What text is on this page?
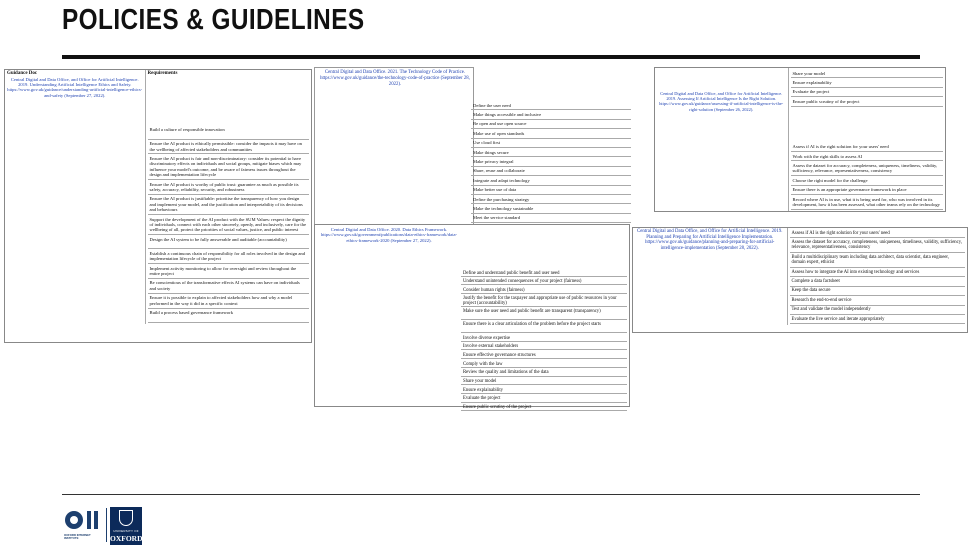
POLICIES & GUIDELINES
Guidance Doc
Central Digital and Data Office, and Office for Artificial Intelligence. 2019. Understanding Artificial Intelligence Ethics and Safety. https://www.gov.uk/guidance/understanding-artificial-intelligence-ethics-and-safety (September 27, 2022).

Requirements
Build a culture of responsible innovation
Ensure the AI product is ethically permissible: consider the impacts it may have on the wellbeing of affected stakeholders and communities
Ensure the AI product is fair and non-discriminatory: consider its potential to have discriminatory effects on individuals and social groups, mitigate biases which may influence your model's outcome, and be aware of fairness issues throughout the design and implementation lifecycle
Ensure the AI product is worthy of public trust: guarantee as much as possible its safety, accuracy, reliability, security, and robustness
Ensure the AI product is justifiable: prioritise the transparency of how you design and implement your model, and the justification and interpretability of its decisions and behaviours
Support the development of the AI product with the SUM Values: respect the dignity of individuals, connect with each other sincerely, openly, and inclusively, care for the wellbeing of all, protect the priorities of social values, justice, and public interest
Design the AI system to be fully answerable and auditable (accountability)
Establish a continuous chain of responsibility for all roles involved in the design and implementation lifecycle of the project
Implement activity monitoring to allow for oversight and review throughout the entire project
Be conscientious of the transformative effects AI systems can have on individuals and society
Ensure it is possible to explain to affected stakeholders how and why a model performed in the way it did in a specific context
Build a process based governance framework
Central Digital and Data Office. 2021. The Technology Code of Practice. https://www.gov.uk/guidance/the-technology-code-of-practice (September 28, 2022).
Define the user need
Make things accessible and inclusive
Be open and use open source
Make use of open standards
Use cloud first
Make things secure
Make privacy integral
Share, reuse and collaborate
Integrate and adapt technology
Make better use of data
Define the purchasing strategy
Make the technology sustainable
Meet the service standard
Central Digital and Data Office, and Office for Artificial Intelligence. 2019. Assessing If Artificial Intelligence Is the Right Solution. https://www.gov.uk/guidance/assessing-if-artificial-intelligence-is-the-right-solution (September 26, 2022).

Share your model
Ensure explainability
Evaluate the project
Ensure public scrutiny of the project
Assess if AI is the right solution for your users' need
Work with the right skills to assess AI
Assess the dataset for accuracy, completeness, uniqueness, timeliness, validity, sufficiency, relevance, representativeness, consistency
Choose the right model for the challenge
Ensure there is an appropriate governance framework in place
Record where AI is in use, what it is being used for, who was involved in its development, how it has been assessed, what other teams rely on the technology
Central Digital and Data Office. 2020. Data Ethics Framework. https://www.gov.uk/government/publications/data-ethics-framework/data-ethics-framework-2020 (September 27, 2022).
Define and understand public benefit and user need
Understand unintended consequences of your project (fairness)
Consider human rights (fairness)
Justify the benefit for the taxpayer and appropriate use of public resources in your project (accountability)
Make sure the user need and public benefit are transparent (transparency)
Ensure there is a clear articulation of the problem before the project starts
Involve diverse expertise
Involve external stakeholders
Ensure effective governance structures
Comply with the law
Review the quality and limitations of the data
Share your model
Ensure explainability
Evaluate the project
Ensure public scrutiny of the project
Central Digital and Data Office, and Office for Artificial Intelligence. 2019. Planning and Preparing for Artificial Intelligence Implementation. https://www.gov.uk/guidance/planning-and-preparing-for-artificial-intelligence-implementation (September 28, 2022).

Assess if AI is the right solution for your users' need
Assess the dataset for accuracy, completeness, uniqueness, timeliness, validity, sufficiency, relevance, representativeness, consistency
Build a multidisciplinary team including data architect, data scientist, data engineer, domain expert, ethicist
Assess how to integrate the AI into existing technology and services
Complete a data factsheet
Keep the data secure
Research the end-to-end service
Test and validate the model independently
Evaluate the live service and iterate appropriately
OXFORD INTERNET INSTITUTE
UNIVERSITY OF
OXFORD
